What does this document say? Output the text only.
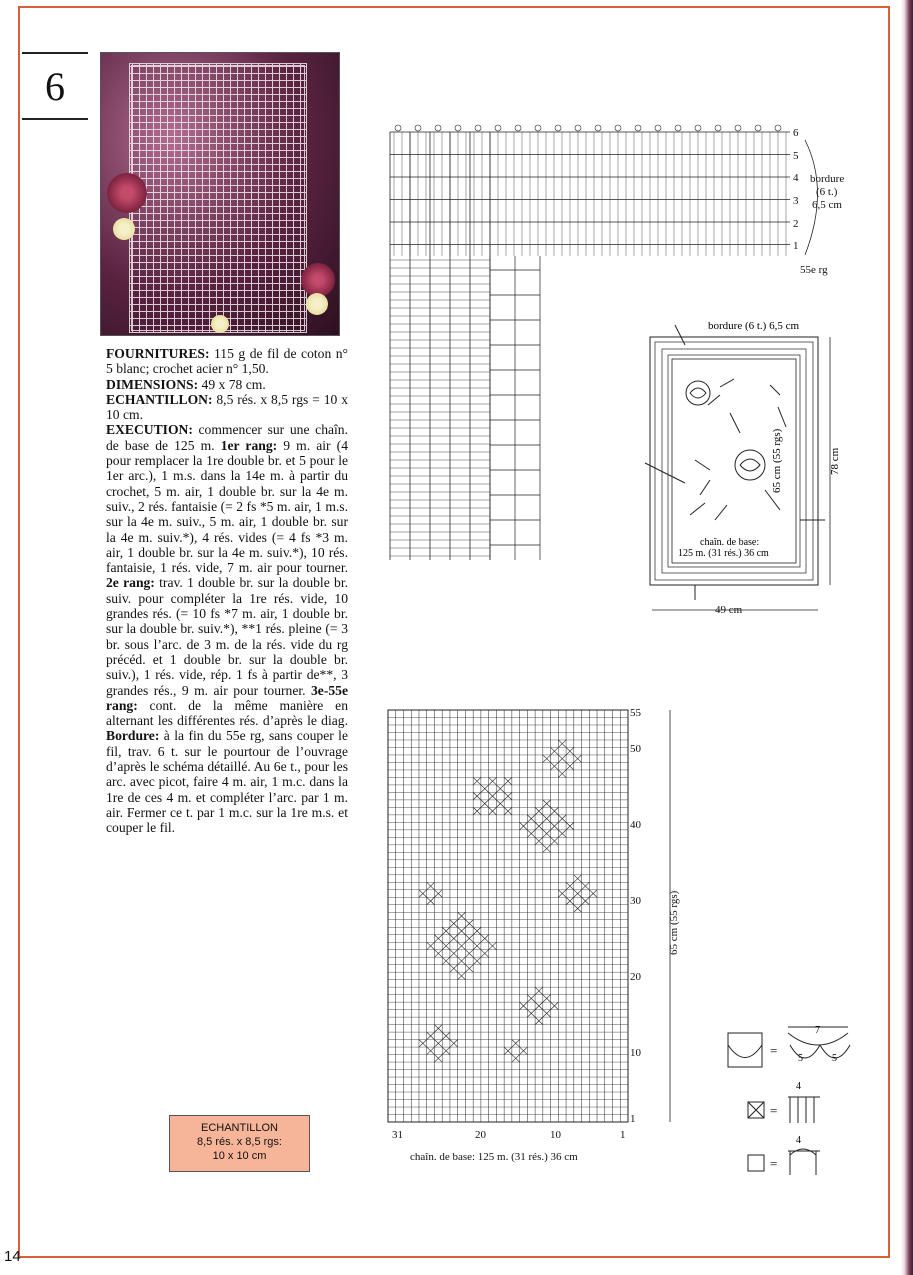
6

FOURNITURES: 115 g de fil de coton n° 5 blanc; crochet acier n° 1,50.
DIMENSIONS: 49 x 78 cm.
ECHANTILLON: 8,5 rés. x 8,5 rgs = 10 x 10 cm.
EXECUTION: commencer sur une chaîn. de base de 125 m. 1er rang: 9 m. air (4 pour remplacer la 1re double br. et 5 pour le 1er arc.), 1 m.s. dans la 14e m. à partir du crochet, 5 m. air, 1 double br. sur la 4e m. suiv., 2 rés. fantaisie (= 2 fs *5 m. air, 1 m.s. sur la 4e m. suiv., 5 m. air, 1 double br. sur la 4e m. suiv.*), 4 rés. vides (= 4 fs *3 m. air, 1 double br. sur la 4e m. suiv.*), 10 rés. fantaisie, 1 rés. vide, 7 m. air pour tourner. 2e rang: trav. 1 double br. sur la double br. suiv. pour compléter la 1re rés. vide, 10 grandes rés. (= 10 fs *7 m. air, 1 double br. sur la double br. suiv.*), **1 rés. pleine (= 3 br. sous l’arc. de 3 m. de la rés. vide du rg précéd. et 1 double br. sur la double br. suiv.), 1 rés. vide, rép. 1 fs à partir de**, 3 grandes rés., 9 m. air pour tourner. 3e-55e rang: cont. de la même manière en alternant les différentes rés. d’après le diag. Bordure: à la fin du 55e rg, sans couper le fil, trav. 6 t. sur le pourtour de l’ouvrage d’après le schéma détaillé. Au 6e t., pour les arc. avec picot, faire 4 m. air, 1 m.c. dans la 1re de ces 4 m. et compléter l’arc. par 1 m. air. Fermer ce t. par 1 m.c. sur la 1re m.s. et couper le fil.

ECHANTILLON
8,5 rés. x 8,5 rgs:
10 x 10 cm
14
6
5
4
3
2
1
bordure
(6 t.)
6,5 cm
55e rg
bordure (6 t.) 6,5 cm
78 cm
65 cm (55 rgs)
chaîn. de base:
125 m. (31 rés.) 36 cm
49 cm
55
50
40
30
20
10
1
31	20	10	1
chaîn. de base: 125 m. (31 rés.) 36 cm
65 cm (55 rgs)
=
7
5	5
=
4
=
4
